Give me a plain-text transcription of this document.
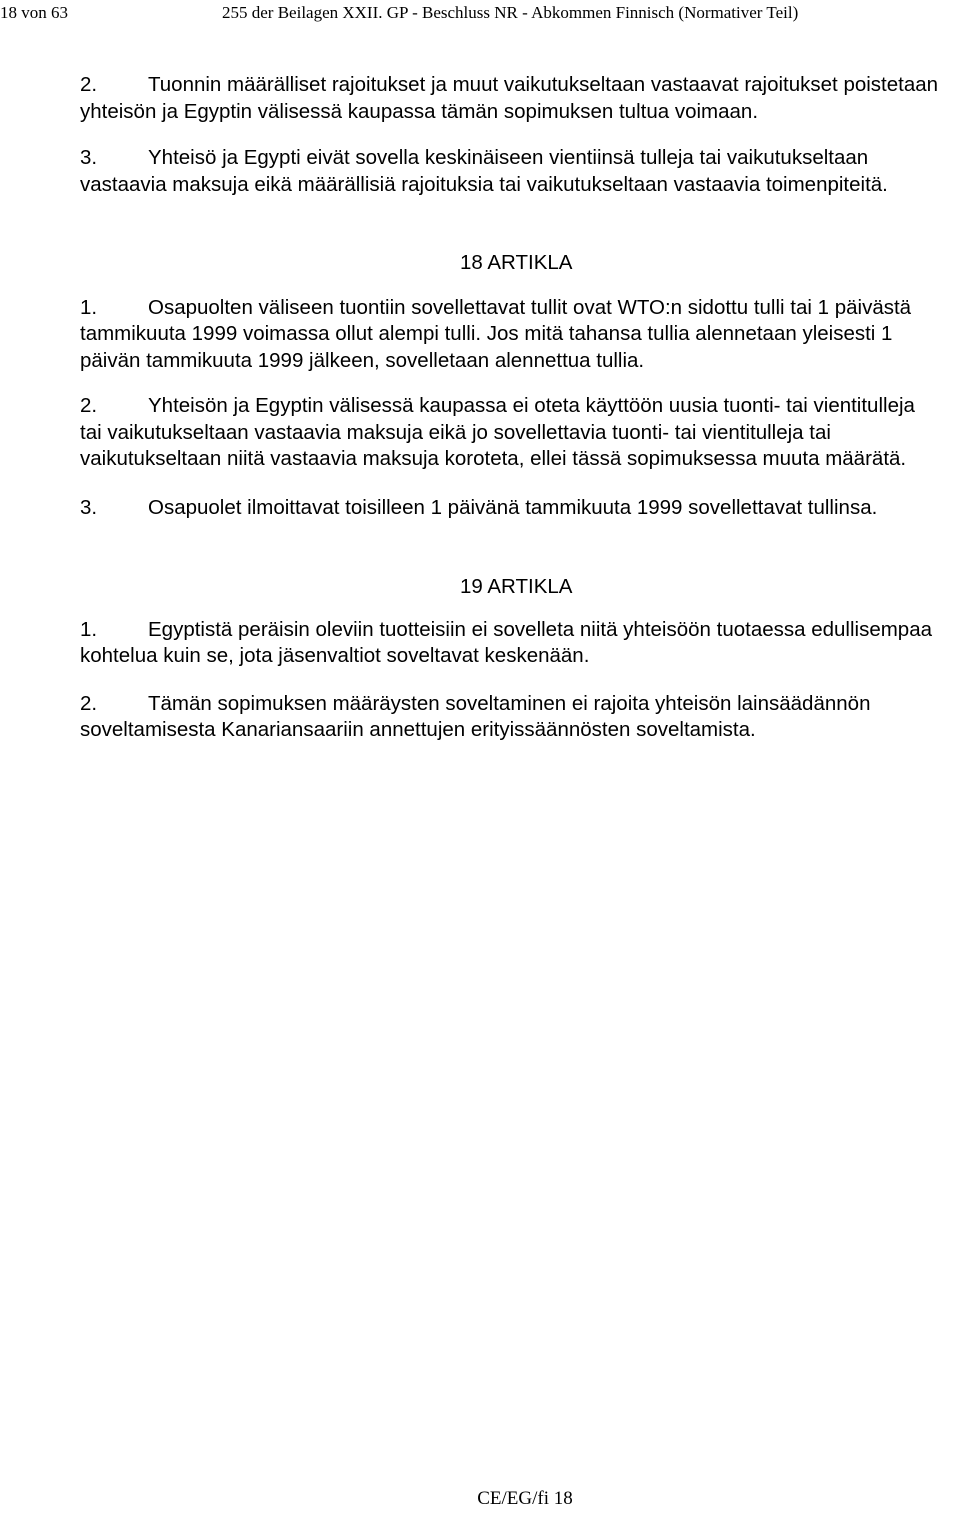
18 von 63	255 der Beilagen XXII. GP - Beschluss NR - Abkommen Finnisch (Normativer Teil)

2. Tuonnin määrälliset rajoitukset ja muut vaikutukseltaan vastaavat rajoitukset poistetaan yhteisön ja Egyptin välisessä kaupassa tämän sopimuksen tultua voimaan.

3. Yhteisö ja Egypti eivät sovella keskinäiseen vientiinsä tulleja tai vaikutukseltaan vastaavia maksuja eikä määrällisiä rajoituksia tai vaikutukseltaan vastaavia toimenpiteitä.

18 ARTIKLA

1. Osapuolten väliseen tuontiin sovellettavat tullit ovat WTO:n sidottu tulli tai 1 päivästä tammikuuta 1999 voimassa ollut alempi tulli. Jos mitä tahansa tullia alennetaan yleisesti 1 päivän tammikuuta 1999 jälkeen, sovelletaan alennettua tullia.

2. Yhteisön ja Egyptin välisessä kaupassa ei oteta käyttöön uusia tuonti- tai vientitulleja tai vaikutukseltaan vastaavia maksuja eikä jo sovellettavia tuonti- tai vientitulleja tai vaikutukseltaan niitä vastaavia maksuja koroteta, ellei tässä sopimuksessa muuta määrätä.

3. Osapuolet ilmoittavat toisilleen 1 päivänä tammikuuta 1999 sovellettavat tullinsa.

19 ARTIKLA

1. Egyptistä peräisin oleviin tuotteisiin ei sovelleta niitä yhteisöön tuotaessa edullisempaa kohtelua kuin se, jota jäsenvaltiot soveltavat keskenään.

2. Tämän sopimuksen määräysten soveltaminen ei rajoita yhteisön lainsäädännön soveltamisesta Kanariansaariin annettujen erityissäännösten soveltamista.

CE/EG/fi 18
